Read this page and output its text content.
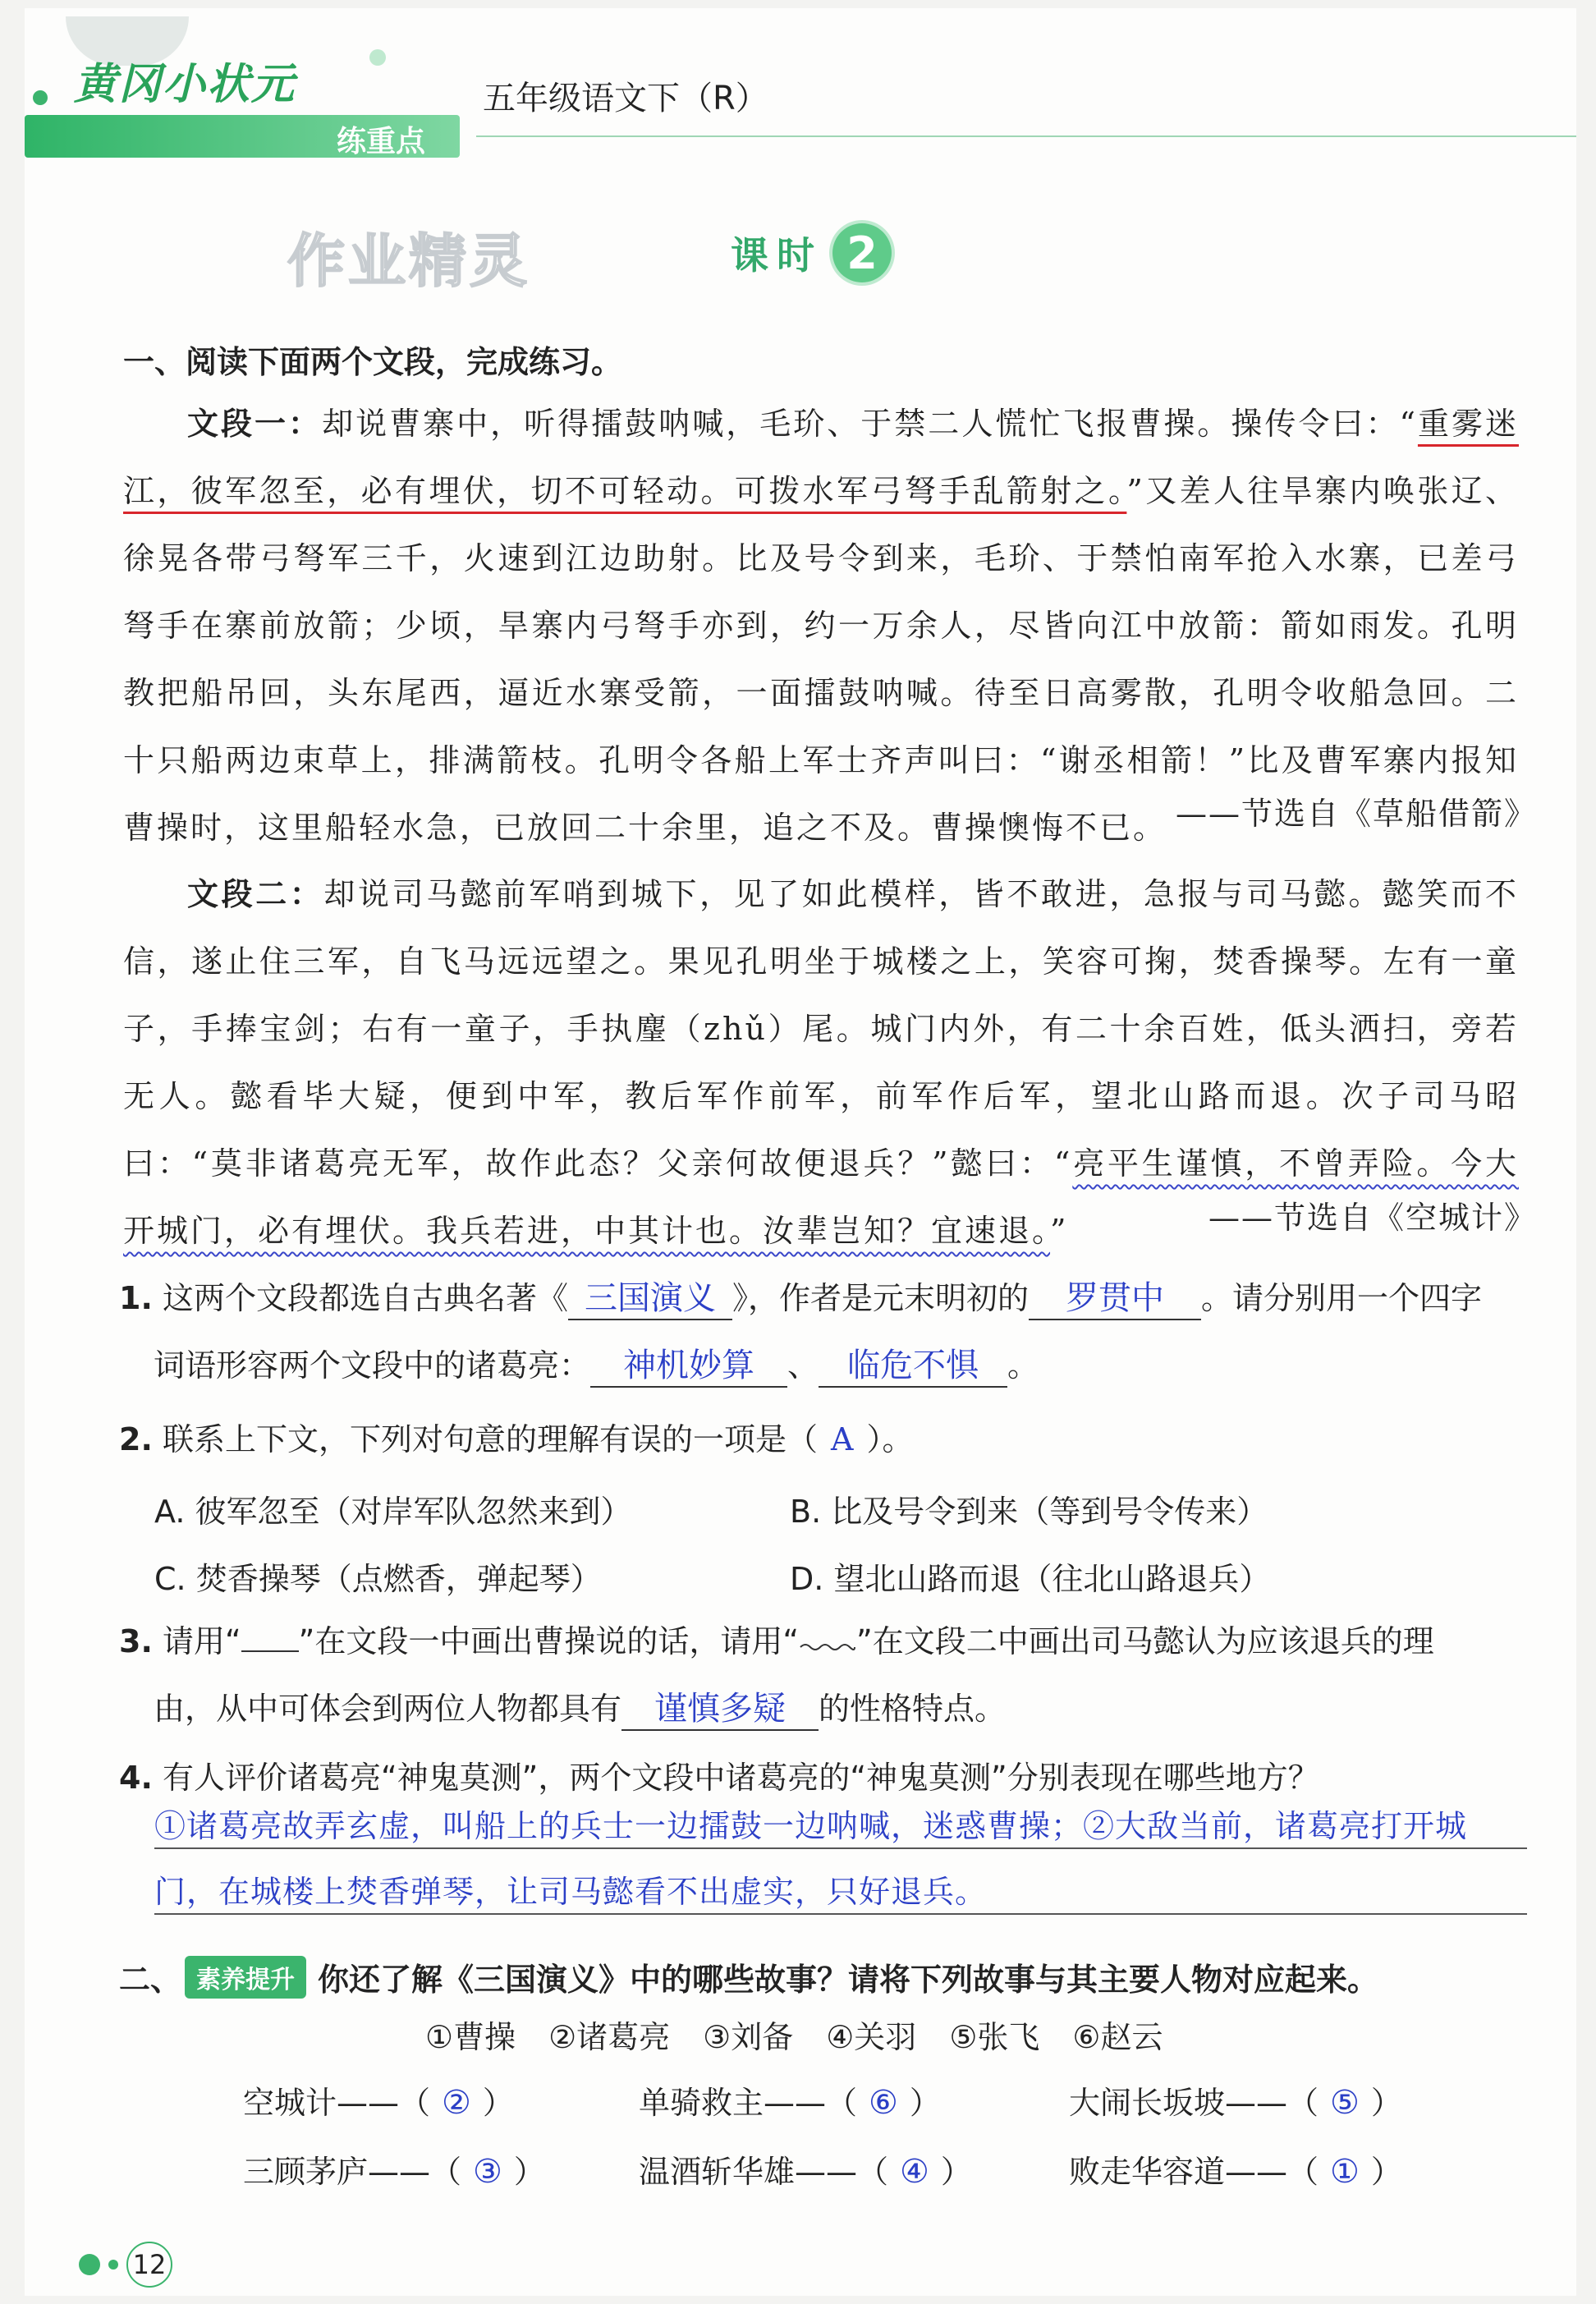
黄冈小状元
练重点
五年级语文下（R）
作业精灵	课时 2
一、阅读下面两个文段，完成练习。
文段一：却说曹寨中，听得擂鼓呐喊，毛玠、于禁二人慌忙飞报曹操。操传令曰：“重雾迷江，彼军忽至，必有埋伏，切不可轻动。可拨水军弓弩手乱箭射之。”又差人往旱寨内唤张辽、徐晃各带弓弩军三千，火速到江边助射。比及号令到来，毛玠、于禁怕南军抢入水寨，已差弓弩手在寨前放箭；少顷，旱寨内弓弩手亦到，约一万余人，尽皆向江中放箭：箭如雨发。孔明教把船吊回，头东尾西，逼近水寨受箭，一面擂鼓呐喊。待至日高雾散，孔明令收船急回。二十只船两边束草上，排满箭枝。孔明令各船上军士齐声叫曰：“谢丞相箭！”比及曹军寨内报知曹操时，这里船轻水急，已放回二十余里，追之不及。曹操懊悔不已。 ——节选自《草船借箭》
文段二：却说司马懿前军哨到城下，见了如此模样，皆不敢进，急报与司马懿。懿笑而不信，遂止住三军，自飞马远远望之。果见孔明坐于城楼之上，笑容可掬，焚香操琴。左有一童子，手捧宝剑；右有一童子，手执麈（zhǔ）尾。城门内外，有二十余百姓，低头洒扫，旁若无人。懿看毕大疑，便到中军，教后军作前军，前军作后军，望北山路而退。次子司马昭曰：“莫非诸葛亮无军，故作此态？父亲何故便退兵？”懿曰：“亮平生谨慎，不曾弄险。今大开城门，必有埋伏。我兵若进，中其计也。汝辈岂知？宜速退。”	——节选自《空城计》
1. 这两个文段都选自古典名著《 三国演义 》，作者是元末明初的 罗贯中 。请分别用一个四字
词语形容两个文段中的诸葛亮： 神机妙算 、 临危不惧 。
2. 联系上下文，下列对句意的理解有误的一项是（ A ）。
A. 彼军忽至（对岸军队忽然来到）	B. 比及号令到来（等到号令传来）
C. 焚香操琴（点燃香，弹起琴）	D. 望北山路而退（往北山路退兵）
3. 请用“ ”在文段一中画出曹操说的话，请用“ ”在文段二中画出司马懿认为应该退兵的理
由，从中可体会到两位人物都具有 谨慎多疑 的性格特点。
4. 有人评价诸葛亮“神鬼莫测”，两个文段中诸葛亮的“神鬼莫测”分别表现在哪些地方？
①诸葛亮故弄玄虚，叫船上的兵士一边擂鼓一边呐喊，迷惑曹操；②大敌当前，诸葛亮打开城
门，在城楼上焚香弹琴，让司马懿看不出虚实，只好退兵。
二、 素养提升 你还了解《三国演义》中的哪些故事？请将下列故事与其主要人物对应起来。
①曹操 ②诸葛亮 ③刘备 ④关羽 ⑤张飞 ⑥赵云
空城计——（ ② ）	单骑救主——（ ⑥ ）	大闹长坂坡——（ ⑤ ）
三顾茅庐——（ ③ ）	温酒斩华雄——（ ④ ）	败走华容道——（ ① ）
12
